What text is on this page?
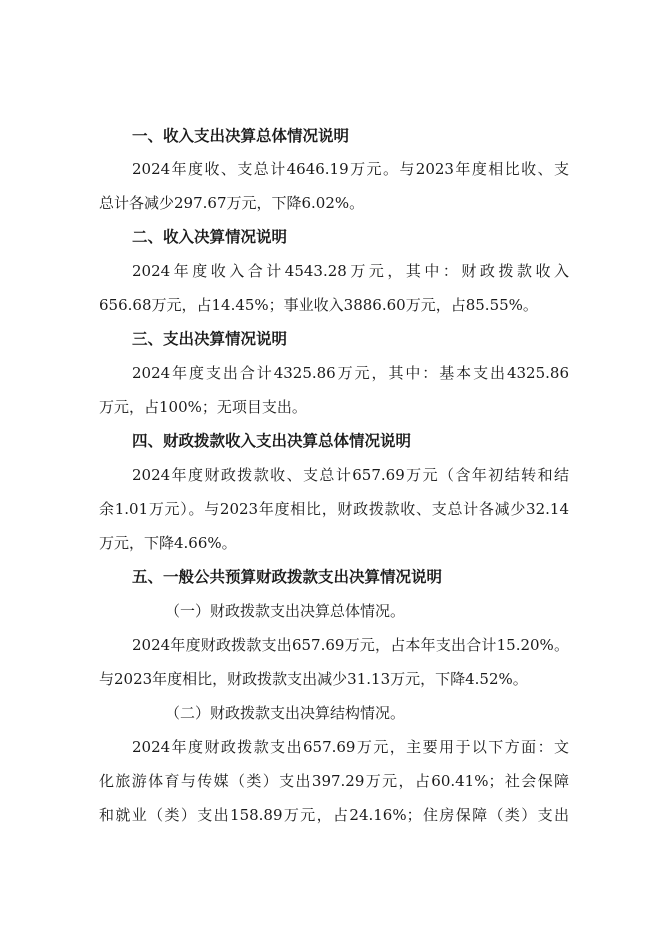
一、收入支出决算总体情况说明
2024年度收、支总计4646.19万元。与2023年度相比收、支
总计各减少297.67万元，下降6.02%。
二、收入决算情况说明
2024年度收入合计4543.28万元，其中：财政拨款收入
656.68万元，占14.45%；事业收入3886.60万元，占85.55%。
三、支出决算情况说明
2024年度支出合计4325.86万元，其中：基本支出4325.86
万元，占100%；无项目支出。
四、财政拨款收入支出决算总体情况说明
2024年度财政拨款收、支总计657.69万元（含年初结转和结
余1.01万元）。与2023年度相比，财政拨款收、支总计各减少32.14
万元，下降4.66%。
五、一般公共预算财政拨款支出决算情况说明
（一）财政拨款支出决算总体情况。
2024年度财政拨款支出657.69万元，占本年支出合计15.20%。
与2023年度相比，财政拨款支出减少31.13万元，下降4.52%。
（二）财政拨款支出决算结构情况。
2024年度财政拨款支出657.69万元，主要用于以下方面：文
化旅游体育与传媒（类）支出397.29万元，占60.41%；社会保障
和就业（类）支出158.89万元，占24.16%；住房保障（类）支出
